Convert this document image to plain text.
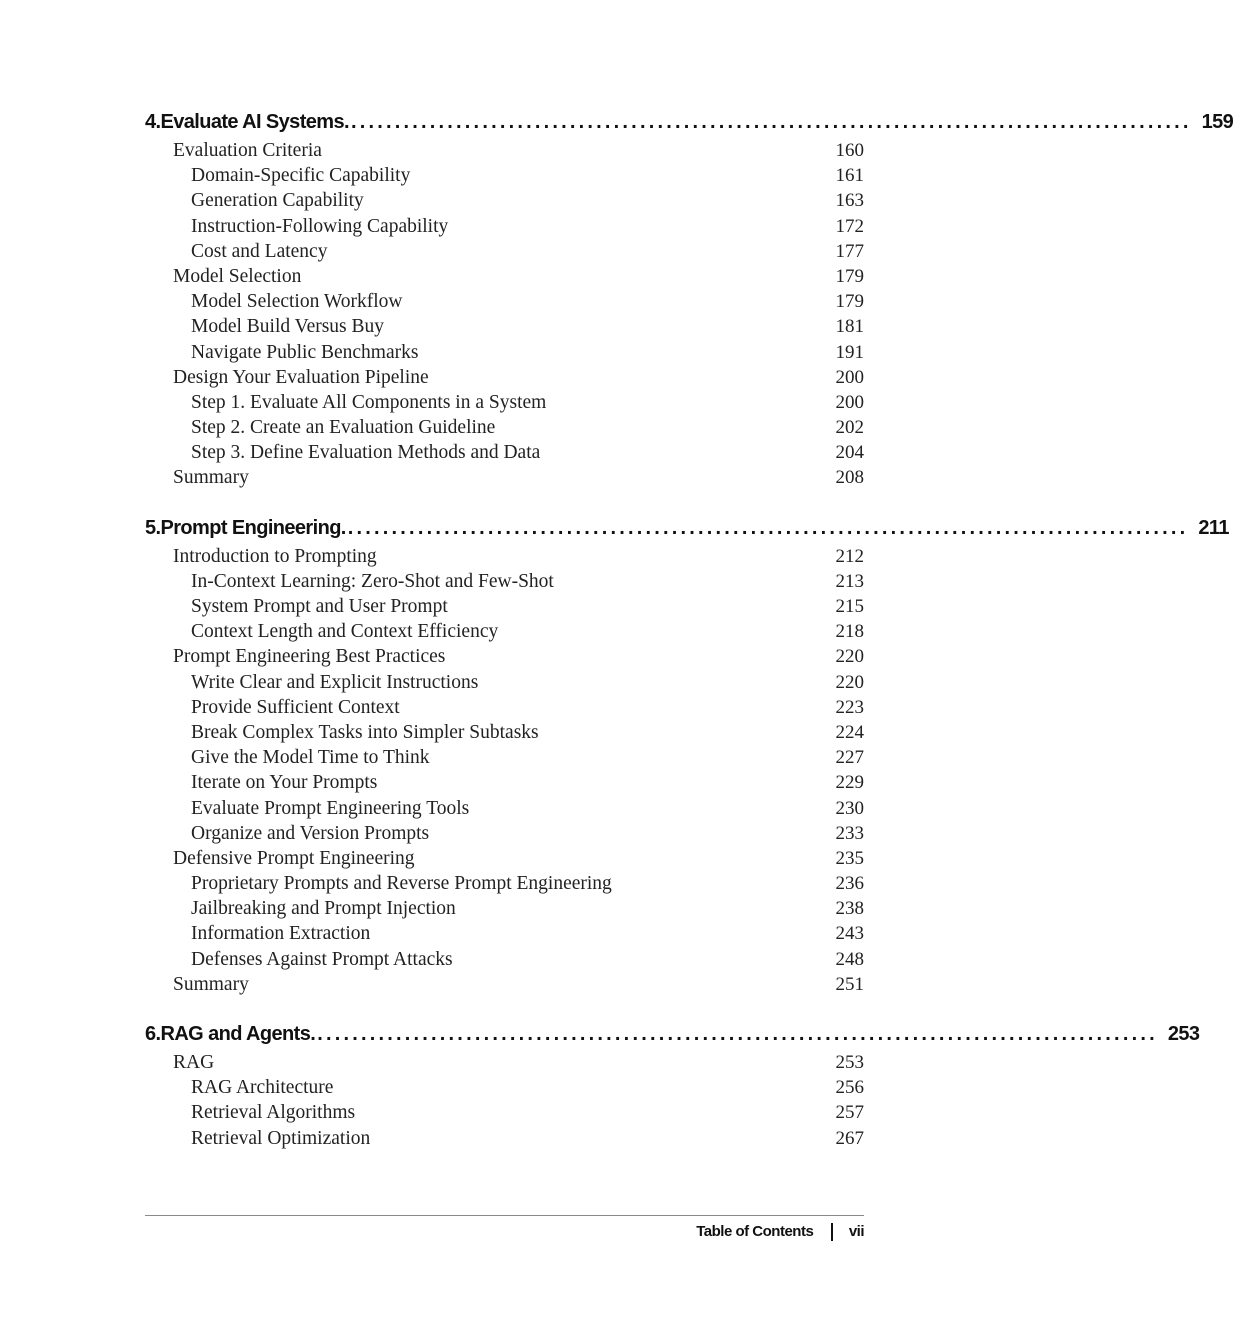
4. Evaluate AI Systems. ................................................................................................ 159
Evaluation Criteria	160
Domain-Specific Capability	161
Generation Capability	163
Instruction-Following Capability	172
Cost and Latency	177
Model Selection	179
Model Selection Workflow	179
Model Build Versus Buy	181
Navigate Public Benchmarks	191
Design Your Evaluation Pipeline	200
Step 1. Evaluate All Components in a System	200
Step 2. Create an Evaluation Guideline	202
Step 3. Define Evaluation Methods and Data	204
Summary	208
5. Prompt Engineering. ................................................................................................ 211
Introduction to Prompting	212
In-Context Learning: Zero-Shot and Few-Shot	213
System Prompt and User Prompt	215
Context Length and Context Efficiency	218
Prompt Engineering Best Practices	220
Write Clear and Explicit Instructions	220
Provide Sufficient Context	223
Break Complex Tasks into Simpler Subtasks	224
Give the Model Time to Think	227
Iterate on Your Prompts	229
Evaluate Prompt Engineering Tools	230
Organize and Version Prompts	233
Defensive Prompt Engineering	235
Proprietary Prompts and Reverse Prompt Engineering	236
Jailbreaking and Prompt Injection	238
Information Extraction	243
Defenses Against Prompt Attacks	248
Summary	251
6. RAG and Agents. ................................................................................................ 253
RAG	253
RAG Architecture	256
Retrieval Algorithms	257
Retrieval Optimization	267
Table of Contents vii
